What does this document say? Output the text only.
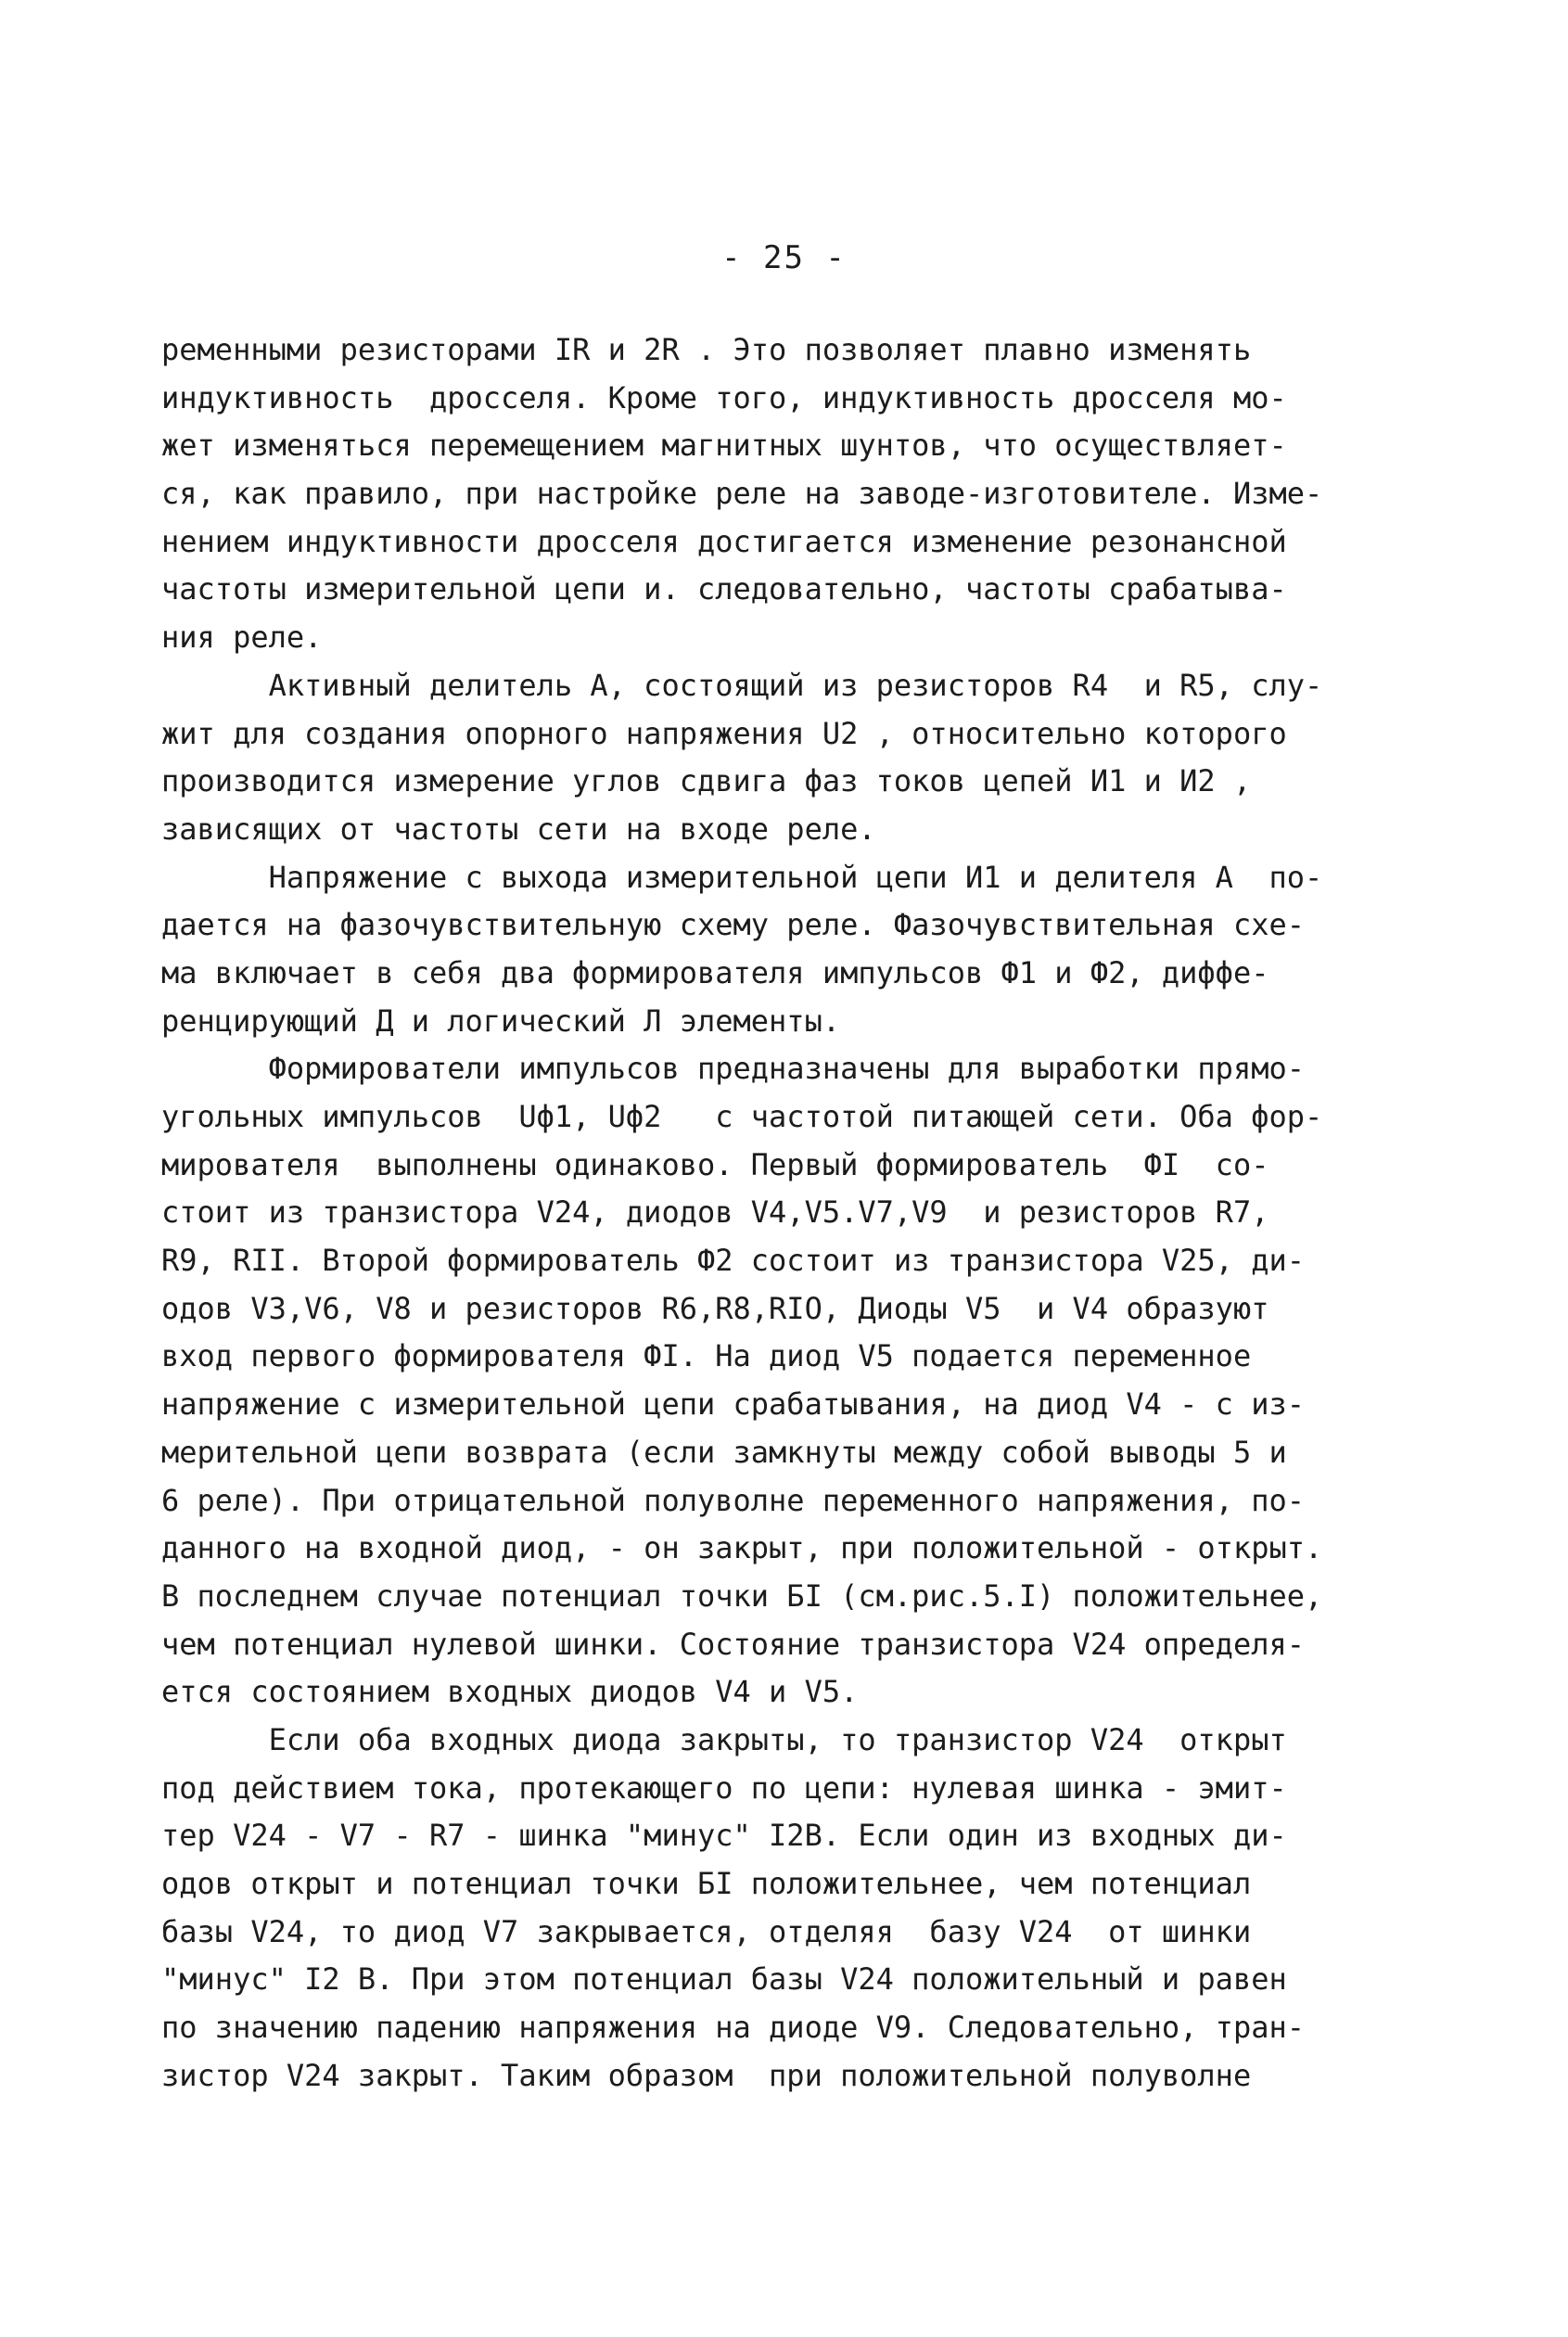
- 25 -
ременными резисторами IR и 2R . Это позволяет плавно изменять
индуктивность  дросселя. Кроме того, индуктивность дросселя мо-
жет изменяться перемещением магнитных шунтов, что осуществляет-
ся, как правило, при настройке реле на заводе-изготовителе. Изме-
нением индуктивности дросселя достигается изменение резонансной
частоты измерительной цепи и. следовательно, частоты срабатыва-
ния реле.
Активный делитель А, состоящий из резисторов R4  и R5, слу-
жит для создания опорного напряжения U2 , относительно которого
производится измерение углов сдвига фаз токов цепей И1 и И2 ,
зависящих от частоты сети на входе реле.
Напряжение с выхода измерительной цепи И1 и делителя А  по-
дается на фазочувствительную схему реле. Фазочувствительная схе-
ма включает в себя два формирователя импульсов Ф1 и Ф2, диффе-
ренцирующий Д и логический Л элементы.
Формирователи импульсов предназначены для выработки прямо-
угольных импульсов  Uф1, Uф2   с частотой питающей сети. Оба фор-
мирователя  выполнены одинаково. Первый формирователь  ФI  со-
стоит из транзистора V24, диодов V4,V5.V7,V9  и резисторов R7,
R9, RII. Второй формирователь Ф2 состоит из транзистора V25, ди-
одов V3,V6, V8 и резисторов R6,R8,RIO, Диоды V5  и V4 образуют
вход первого формирователя ФI. На диод V5 подается переменное
напряжение с измерительной цепи срабатывания, на диод V4 - с из-
мерительной цепи возврата (если замкнуты между собой выводы 5 и
6 реле). При отрицательной полуволне переменного напряжения, по-
данного на входной диод, - он закрыт, при положительной - открыт.
В последнем случае потенциал точки БI (см.рис.5.I) положительнее,
чем потенциал нулевой шинки. Состояние транзистора V24 определя-
ется состоянием входных диодов V4 и V5.
Если оба входных диода закрыты, то транзистор V24  открыт
под действием тока, протекающего по цепи: нулевая шинка - эмит-
тер V24 - V7 - R7 - шинка "минус" I2B. Если один из входных ди-
одов открыт и потенциал точки БI положительнее, чем потенциал
базы V24, то диод V7 закрывается, отделяя  базу V24  от шинки
"минус" I2 В. При этом потенциал базы V24 положительный и равен
по значению падению напряжения на диоде V9. Следовательно, тран-
зистор V24 закрыт. Таким образом  при положительной полуволне
